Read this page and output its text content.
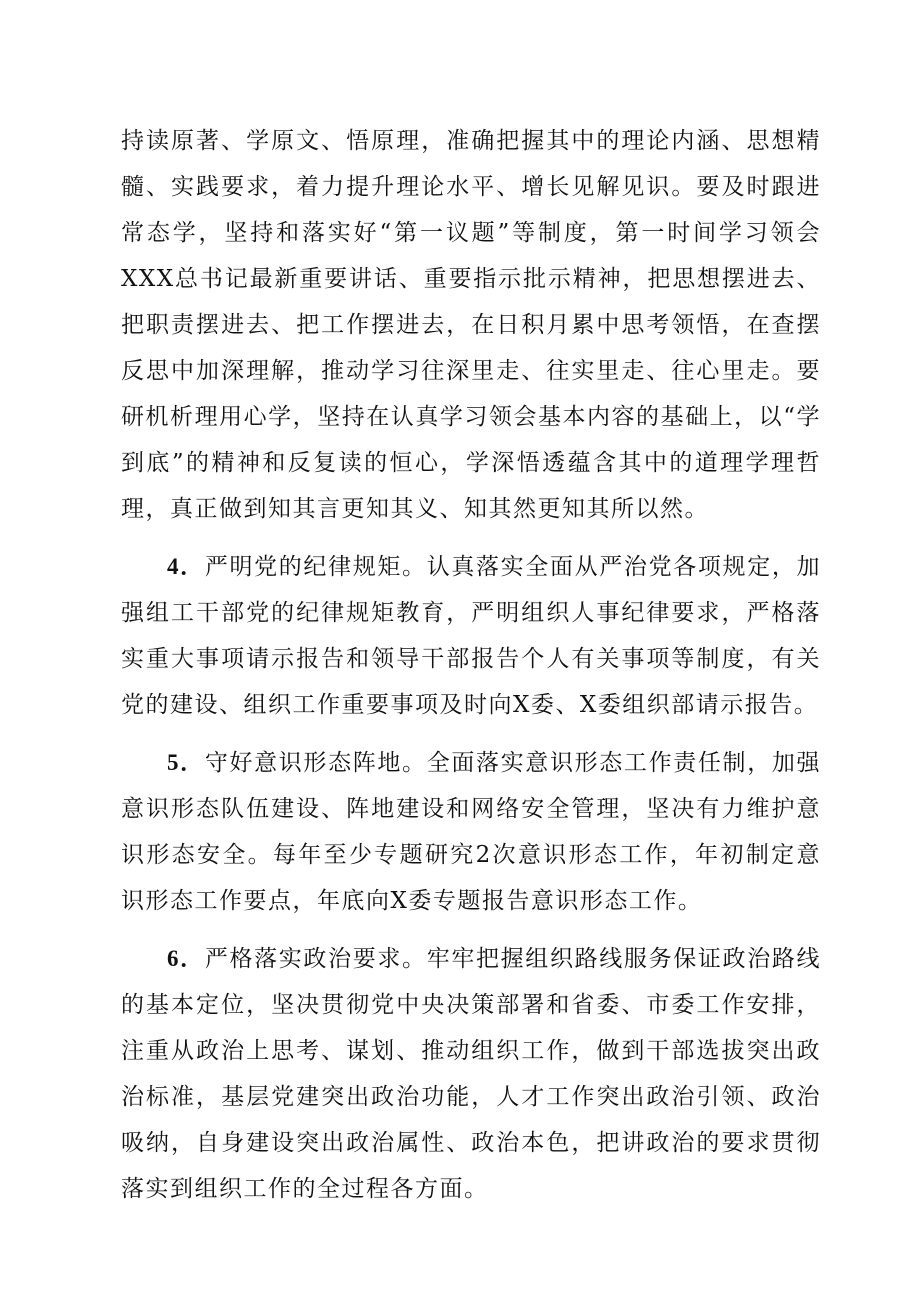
持读原著、学原文、悟原理，准确把握其中的理论内涵、思想精髓、实践要求，着力提升理论水平、增长见解见识。要及时跟进常态学，坚持和落实好“第一议题”等制度，第一时间学习领会XXX总书记最新重要讲话、重要指示批示精神，把思想摆进去、把职责摆进去、把工作摆进去，在日积月累中思考领悟，在查摆反思中加深理解，推动学习往深里走、往实里走、往心里走。要研机析理用心学，坚持在认真学习领会基本内容的基础上，以“学到底”的精神和反复读的恒心，学深悟透蕴含其中的道理学理哲理，真正做到知其言更知其义、知其然更知其所以然。

4．严明党的纪律规矩。认真落实全面从严治党各项规定，加强组工干部党的纪律规矩教育，严明组织人事纪律要求，严格落实重大事项请示报告和领导干部报告个人有关事项等制度，有关党的建设、组织工作重要事项及时向X委、X委组织部请示报告。

5．守好意识形态阵地。全面落实意识形态工作责任制，加强意识形态队伍建设、阵地建设和网络安全管理，坚决有力维护意识形态安全。每年至少专题研究2次意识形态工作，年初制定意识形态工作要点，年底向X委专题报告意识形态工作。

6．严格落实政治要求。牢牢把握组织路线服务保证政治路线的基本定位，坚决贯彻党中央决策部署和省委、市委工作安排，注重从政治上思考、谋划、推动组织工作，做到干部选拔突出政治标准，基层党建突出政治功能，人才工作突出政治引领、政治吸纳，自身建设突出政治属性、政治本色，把讲政治的要求贯彻落实到组织工作的全过程各方面。
